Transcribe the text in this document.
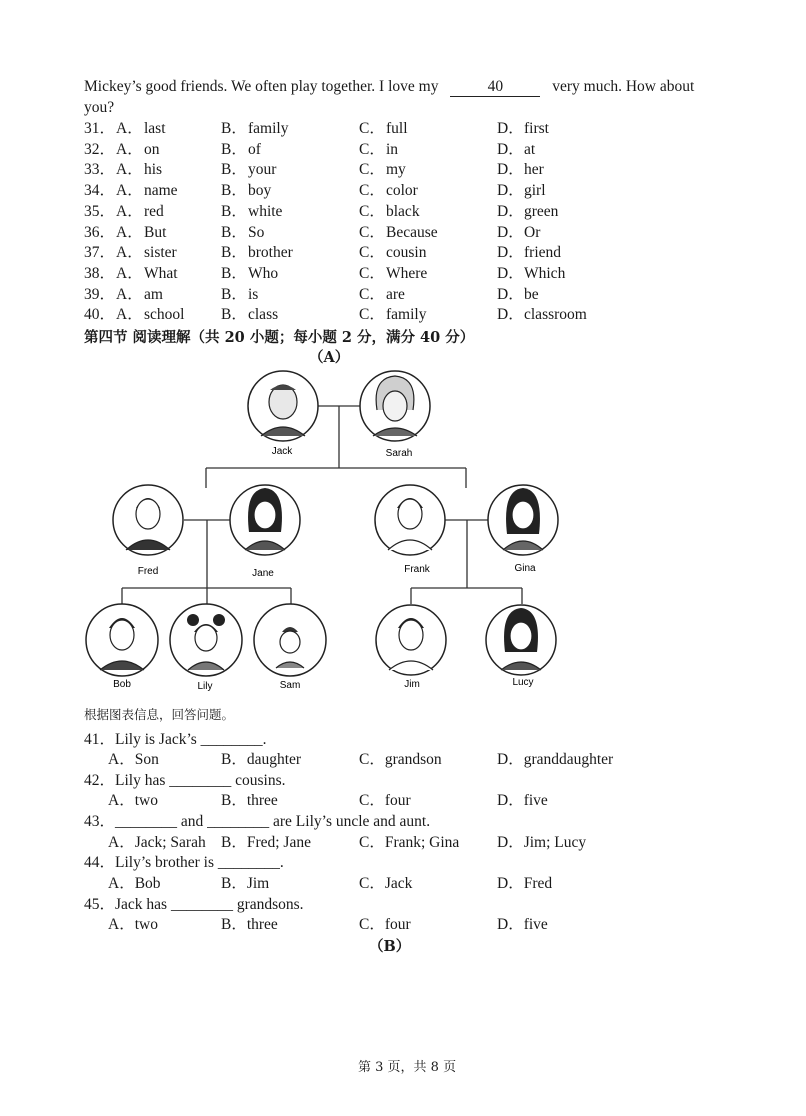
Mickey’s good friends. We often play together. I love my	40	very much. How about
you?
31． A． last	B． family	C． full	D． first
32． A． on	B． of	C． in	D． at
33． A． his	B． your	C． my	D． her
34． A． name	B． boy	C． color	D． girl
35． A． red	B． white	C． black	D． green
36． A． But	B． So	C． Because	D． Or
37． A． sister	B． brother	C． cousin	D． friend
38． A． What	B． Who	C． Where	D． Which
39． A． am	B． is	C． are	D． be
40． A． school B． class	C． family	D． classroom
第四节 阅读理解（共 20 小题；每小题 2 分，满分 40 分）
（A）
Jack	Sarah
Fred	Jane	Frank	Gina
Bob	Lily	Sam	Jim	Lucy
根据图表信息，回答问题。
41．Lily is Jack’s ________.
A．Son	B．daughter	C．grandson	D．granddaughter
42．Lily has ________ cousins.
A．two	B．three	C．four	D．five
43．________ and ________ are Lily’s uncle and aunt.
A．Jack; Sarah B．Fred; Jane	C．Frank; Gina D．Jim; Lucy
44．Lily’s brother is ________.
A．Bob	B．Jim	C．Jack	D．Fred
45．Jack has ________ grandsons.
A．two	B．three	C．four	D．five
（B）
第 3 页，共 8 页
